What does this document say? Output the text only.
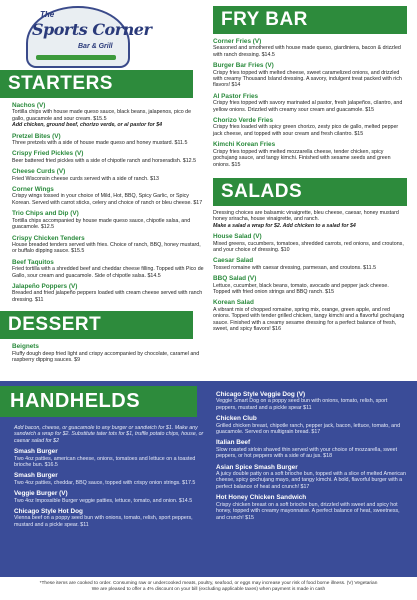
The
Sports Corner
Bar & Grill
STARTERS
Nachos (V)
Tortilla chips with house made queso sauce, black beans, jalapenos, pico de gallo, guacamole and sour cream. $15.5
Add chicken, ground beef, chorizo verde, or al pastor for $4
Pretzel Bites (V)
Three pretzels with a side of house made queso and honey mustard. $11.5
Crispy Fried Pickles (V)
Beer battered fried pickles with a side of chipotle ranch and horseradish. $12.5
Cheese Curds (V)
Fried Wisconsin cheese curds served with a side of ranch. $13
Corner Wings
Crispy wings tossed in your choice of Mild, Hot, BBQ, Spicy Garlic, or Spicy Korean. Served with carrot sticks, celery and choice of ranch or bleu cheese. $17
Trio Chips and Dip (V)
Tortilla chips accompanied by house made queso sauce, chipotle salsa, and guacamole. $12.5
Crispy Chicken Tenders
House breaded tenders served with fries. Choice of ranch, BBQ, honey mustard, or buffalo dipping sauce. $15.5
Beef Taquitos
Fried tortilla with a shredded beef and cheddar cheese filling. Topped with Pico de Gallo, sour cream and guacamole. Side of chipotle salsa. $14.5
Jalapeño Poppers (V)
Breaded and fried jalapeño peppers loaded with cream cheese served with ranch dressing. $11
DESSERT
Beignets
Fluffy dough deep fried light and crispy accompanied by chocolate, caramel and raspberry dipping sauces. $9
FRY BAR
Corner Fries (V)
Seasoned and smothered with house made queso, giardiniera, bacon & drizzled with ranch dressing. $14.5
Burger Bar Fries (V)
Crispy fries topped with melted cheese, sweet caramelized onions, and drizzled with creamy Thousand Island dressing. A savory, indulgent treat packed with rich flavors! $14
Al Pastor Fries
Crispy fries topped with savory marinated al pastor, fresh jalapeños, cilantro, and yellow onions. Drizzled with creamy sour cream and guacamole. $15
Chorizo Verde Fries
Crispy fries loaded with spicy green chorizo, zesty pico de gallo, melted pepper jack cheese, and topped with sour cream and fresh cilantro. $15
Kimchi Korean Fries
Crispy fries topped with melted mozzarella cheese, tender chicken, spicy gochujang sauce, and tangy kimchi. Finished with sesame seeds and green onions. $15
SALADS
Dressing choices are balsamic vinaigrette, bleu cheese, caesar, honey mustard honey sriracha, house vinaigrette, and ranch.
Make a salad a wrap for $2. Add chicken to a salad for $4
House Salad (V)
Mixed greens, cucumbers, tomatoes, shredded carrots, red onions, and croutons, and your choice of dressing. $10
Caesar Salad
Tossed romaine with caesar dressing, parmesan, and croutons. $11.5
BBQ Salad (V)
Lettuce, cucumber, black beans, tomato, avocado and pepper jack cheese. Topped with fried onion strings and BBQ ranch. $15
Korean Salad
A vibrant mix of chopped romaine, spring mix, orange, green apple, and red onions. Topped with tender grilled chicken, tangy kimchi and a flavorful gochujang sauce. Finished with a creamy sesame dressing for a perfect balance of fresh, sweet, and spicy flavors! $16
HANDHELDS
Add bacon, cheese, or guacamole to any burger or sandwich for $1. Make any sandwich a wrap for $2. Substitute tater tots for $1, truffle potato chips, house, or caesar salad for $2
Smash Burger
Two 4oz patties, american cheese, onions, tomatoes and lettuce on a toasted brioche bun. $16.5
Smash Burger
Two 4oz patties, cheddar, BBQ sauce, topped with crispy onion strings. $17.5
Veggie Burger (V)
Two 4oz Impossible Burger veggie patties, lettuce, tomato, and onion. $14.5
Chicago Style Hot Dog
Vienna beef on a poppy seed bun with onions, tomato, relish, sport peppers, mustard and a pickle spear. $11
Chicago Style Veggie Dog (V)
Veggie Smart Dog on a poppy seed bun with onions, tomato, relish, sport peppers, mustard and a pickle spear $11
Chicken Club
Grilled chicken breast, chipotle ranch, pepper jack, bacon, lettuce, tomato, and guacamole. Served on multigrain bread. $17
Italian Beef
Slow roasted sirloin shaved thin served with your choice of mozzarella, sweet peppers, or hot peppers with a side of au jus. $18
Asian Spice Smash Burger
A juicy double patty on a soft brioche bun, topped with a slice of melted American cheese, spicy gochujang mayo, and tangy kimchi. A bold, flavorful burger with a perfect balance of heat and crunch! $17
Hot Honey Chicken Sandwich
Crispy chicken breast on a soft brioche bun, drizzled with sweet and spicy hot honey, topped with creamy mayonnaise. A perfect balance of heat, sweetness, and crunch! $15
*These items are cooked to order. Consuming raw or undercooked meats, poultry, seafood, or eggs may increase your risk of food borne illness. (V) Vegetarian
We are pleased to offer a 4% discount on your bill (excluding applicable taxes) when payment is made in cash
